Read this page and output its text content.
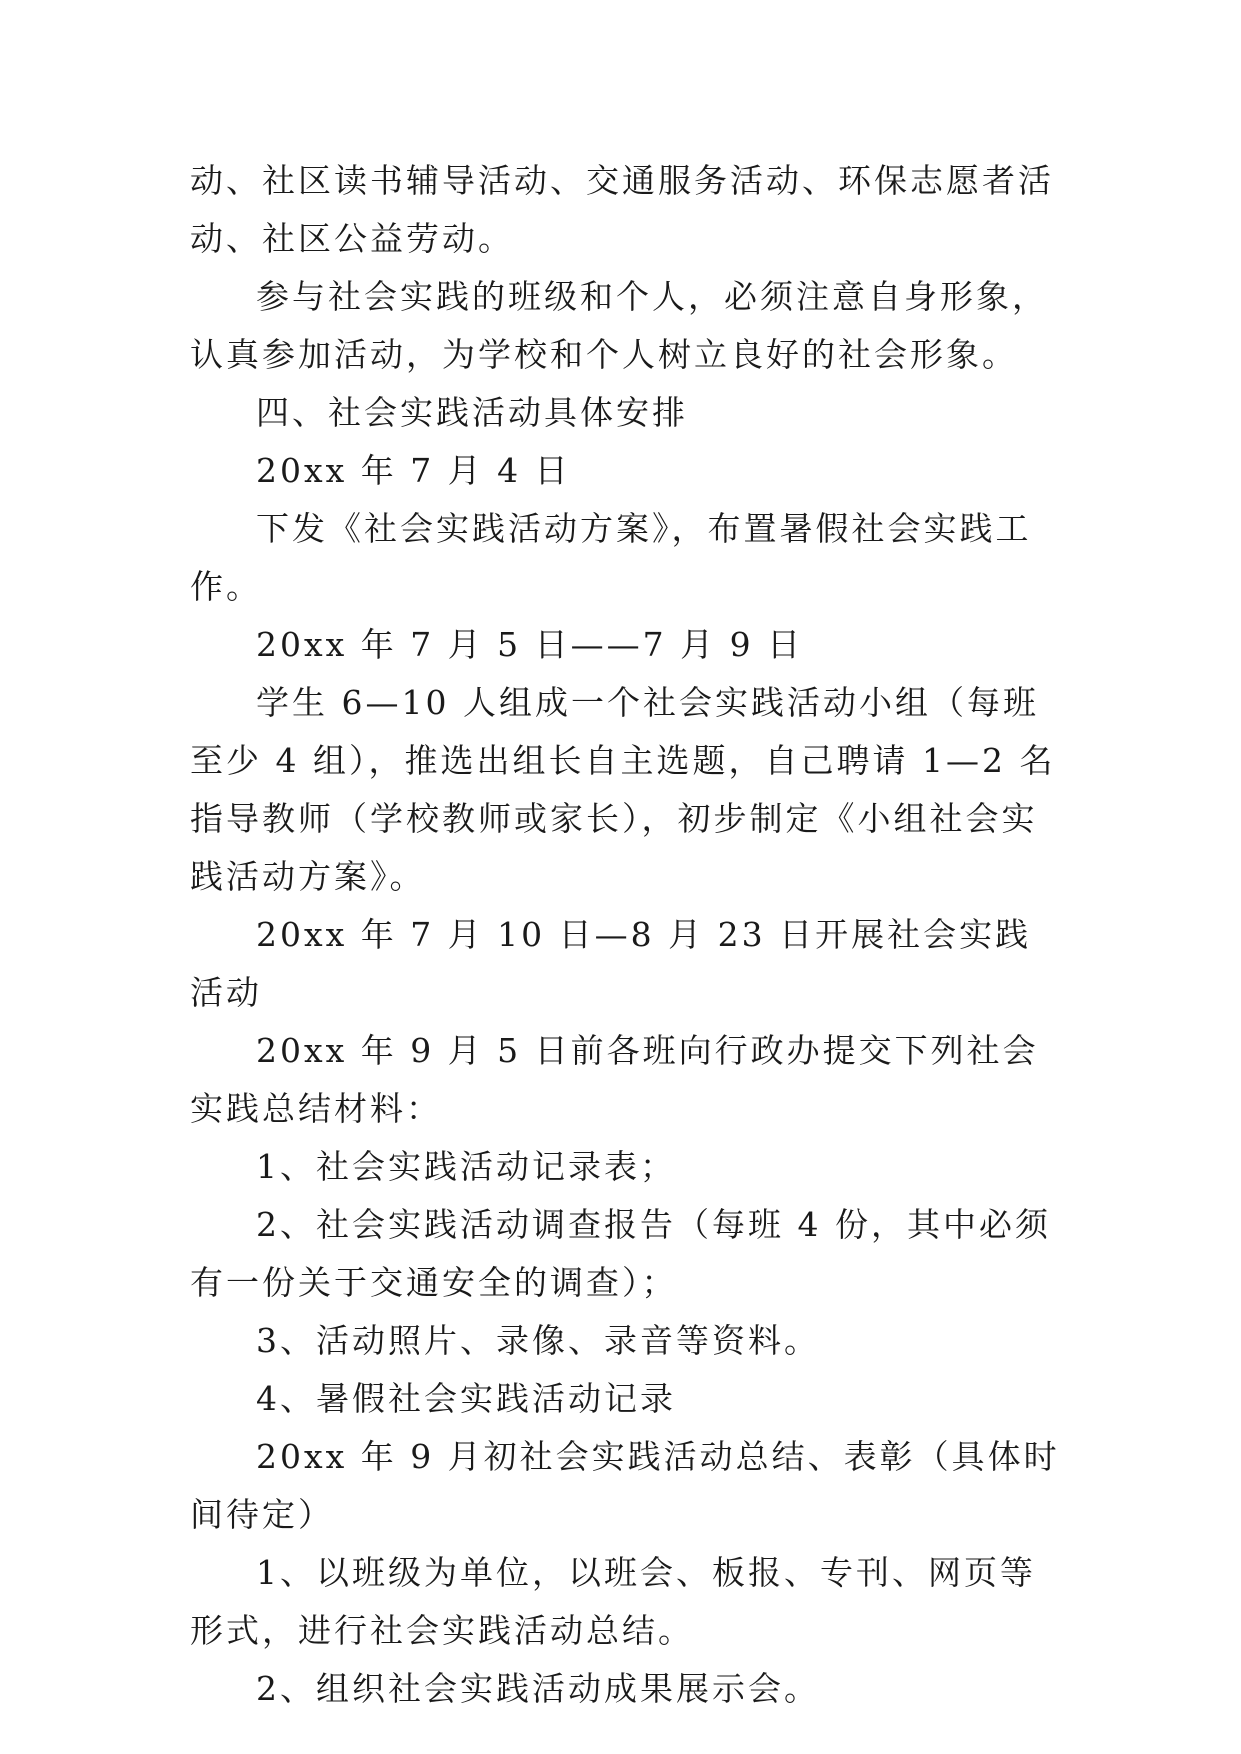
动、社区读书辅导活动、交通服务活动、环保志愿者活动、社区公益劳动。

参与社会实践的班级和个人，必须注意自身形象，认真参加活动，为学校和个人树立良好的社会形象。

四、社会实践活动具体安排

20xx 年 7 月 4 日

下发《社会实践活动方案》，布置暑假社会实践工作。

20xx 年 7 月 5 日——7 月 9 日

学生 6—10 人组成一个社会实践活动小组（每班至少 4 组），推选出组长自主选题，自己聘请 1—2 名指导教师（学校教师或家长），初步制定《小组社会实践活动方案》。

20xx 年 7 月 10 日—8 月 23 日开展社会实践活动

20xx 年 9 月 5 日前各班向行政办提交下列社会实践总结材料：

1、社会实践活动记录表；

2、社会实践活动调查报告（每班 4 份，其中必须有一份关于交通安全的调查）；

3、活动照片、录像、录音等资料。

4、暑假社会实践活动记录

20xx 年 9 月初社会实践活动总结、表彰（具体时间待定）

1、以班级为单位，以班会、板报、专刊、网页等形式，进行社会实践活动总结。

2、组织社会实践活动成果展示会。
